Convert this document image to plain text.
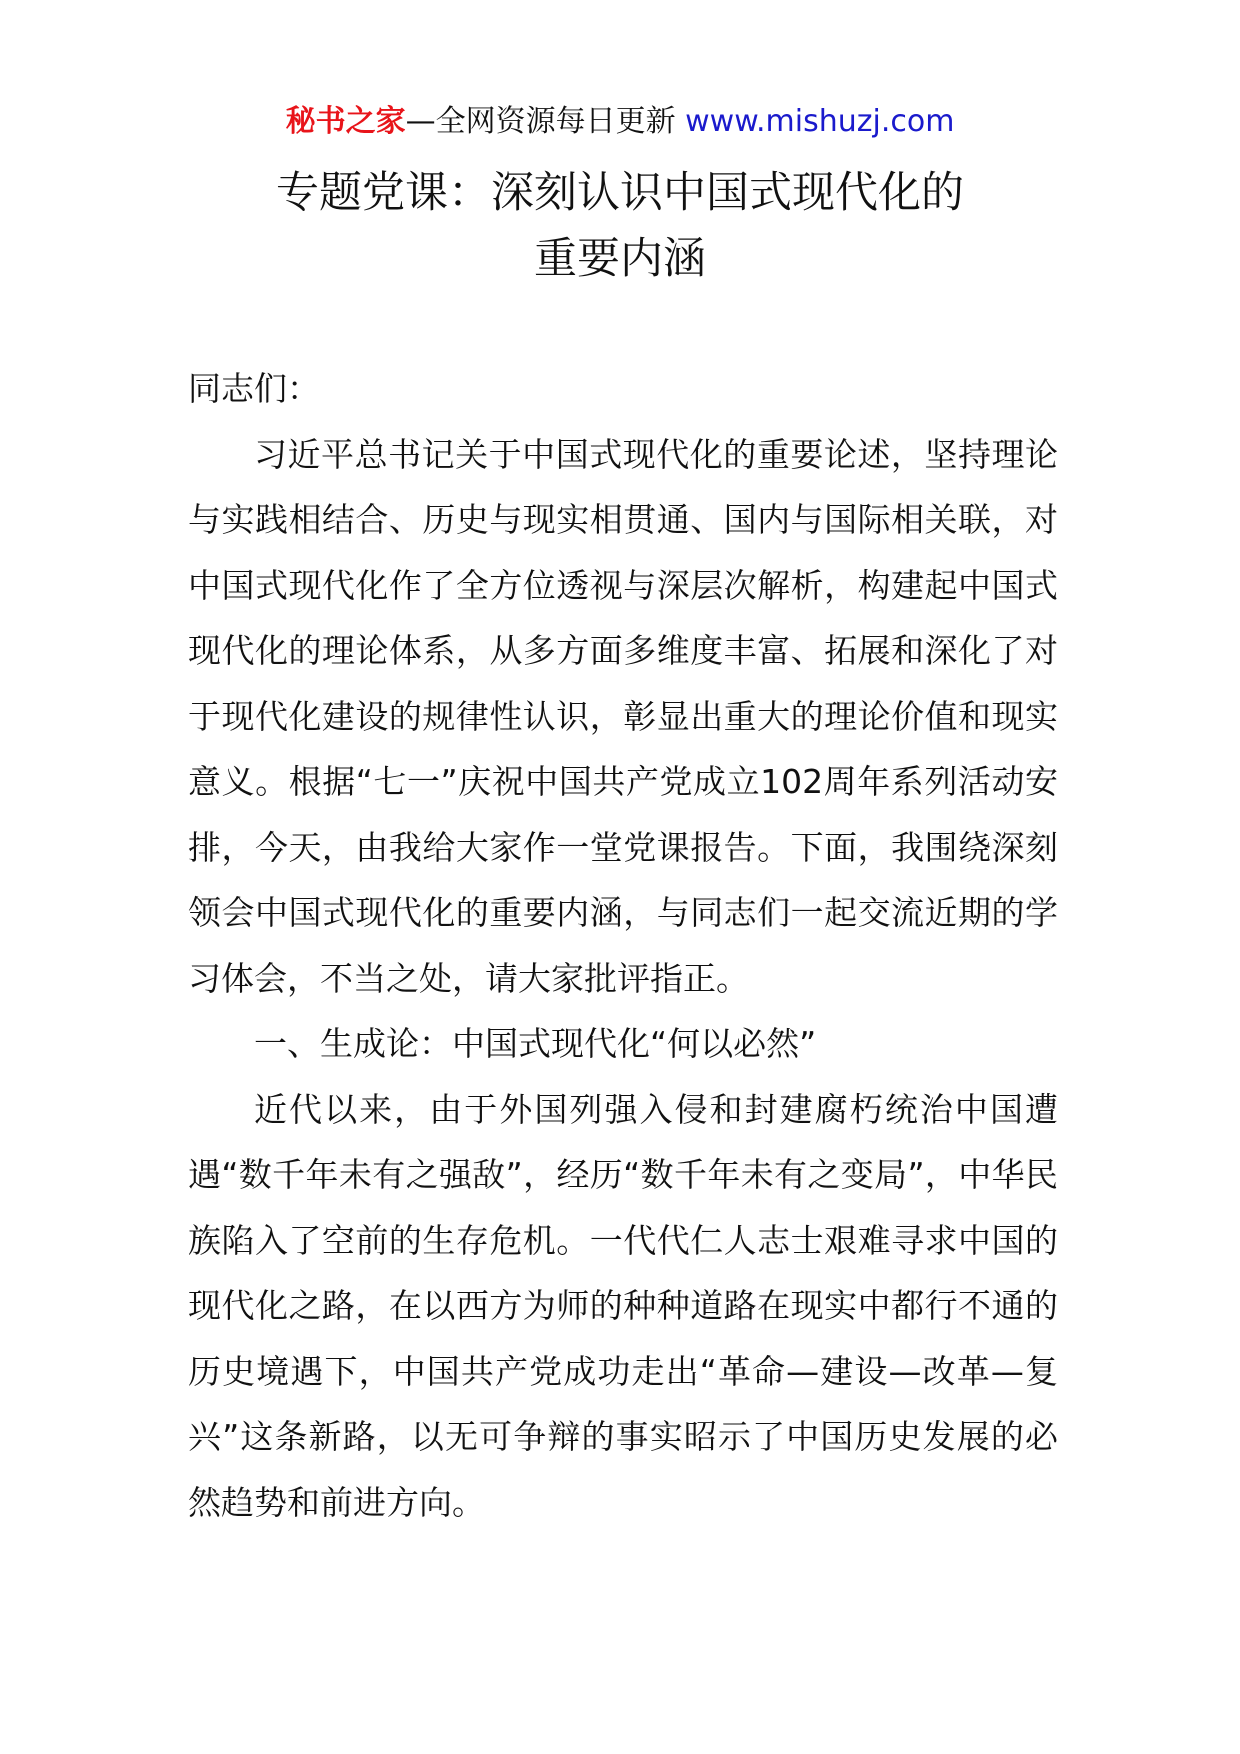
秘书之家—全网资源每日更新 www.mishuzj.com
专题党课：深刻认识中国式现代化的
重要内涵

同志们：

习近平总书记关于中国式现代化的重要论述，坚持理论与实践相结合、历史与现实相贯通、国内与国际相关联，对中国式现代化作了全方位透视与深层次解析，构建起中国式现代化的理论体系，从多方面多维度丰富、拓展和深化了对于现代化建设的规律性认识，彰显出重大的理论价值和现实意义。根据“七一”庆祝中国共产党成立102周年系列活动安排，今天，由我给大家作一堂党课报告。下面，我围绕深刻领会中国式现代化的重要内涵，与同志们一起交流近期的学习体会，不当之处，请大家批评指正。

一、生成论：中国式现代化“何以必然”

近代以来，由于外国列强入侵和封建腐朽统治中国遭遇“数千年未有之强敌”，经历“数千年未有之变局”，中华民族陷入了空前的生存危机。一代代仁人志士艰难寻求中国的现代化之路，在以西方为师的种种道路在现实中都行不通的历史境遇下，中国共产党成功走出“革命—建设—改革—复兴”这条新路，以无可争辩的事实昭示了中国历史发展的必然趋势和前进方向。
